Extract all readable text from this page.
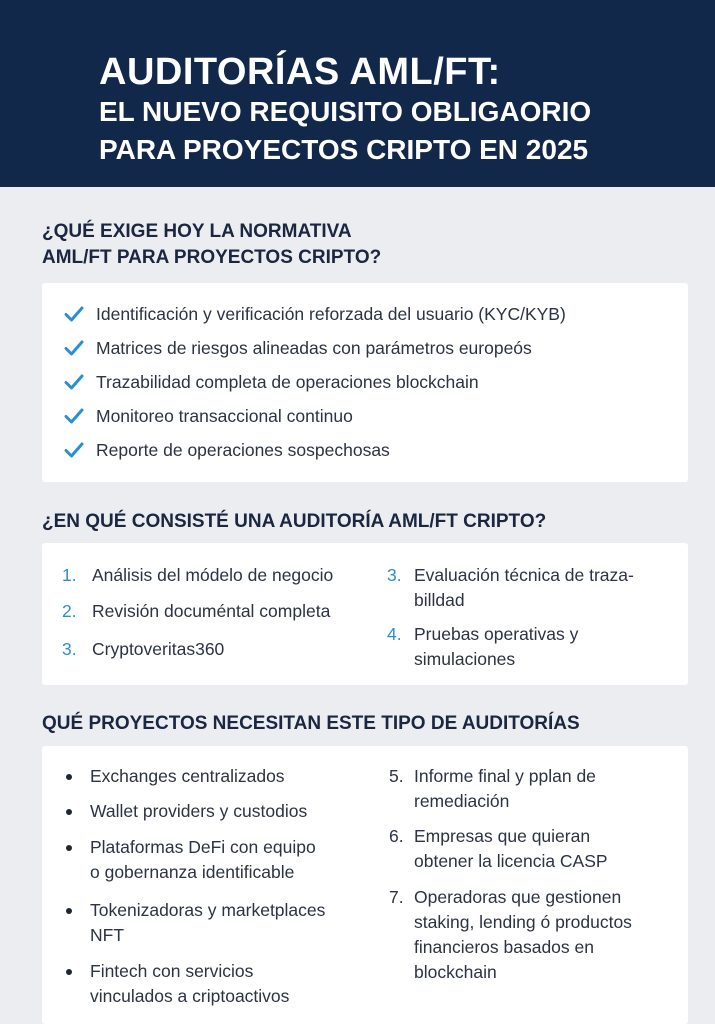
AUDITORÍAS AML/FT:
EL NUEVO REQUISITO OBLIGAORIO
PARA PROYECTOS CRIPTO EN 2025
¿QUÉ EXIGE HOY LA NORMATIVA
AML/FT PARA PROYECTOS CRIPTO?
Identificación y verificación reforzada del usuario (KYC/KYB)
Matrices de riesgos alineadas con parámetros europeós
Trazabilidad completa de operaciones blockchain
Monitoreo transaccional continuo
Reporte de operaciones sospechosas
¿EN QUÉ CONSISTÉ UNA AUDITORÍA AML/FT CRIPTO?
1. Análisis del módelo de negocio
2. Revisión documéntal completa
3. Cryptoveritas360
3. Evaluación técnica de traza-
billdad
4. Pruebas operativas y
simulaciones
QUÉ PROYECTOS NECESITAN ESTE TIPO DE AUDITORÍAS
Exchanges centralizados
Wallet providers y custodios
Plataformas DeFi con equipo
o gobernanza identificable
Tokenizadoras y marketplaces
NFT
Fintech con servicios
vinculados a criptoactivos
5. Informe final y pplan de
remediación
6. Empresas que quieran
obtener la licencia CASP
7. Operadoras que gestionen
staking, lending ó productos
financieros basados en
blockchain
